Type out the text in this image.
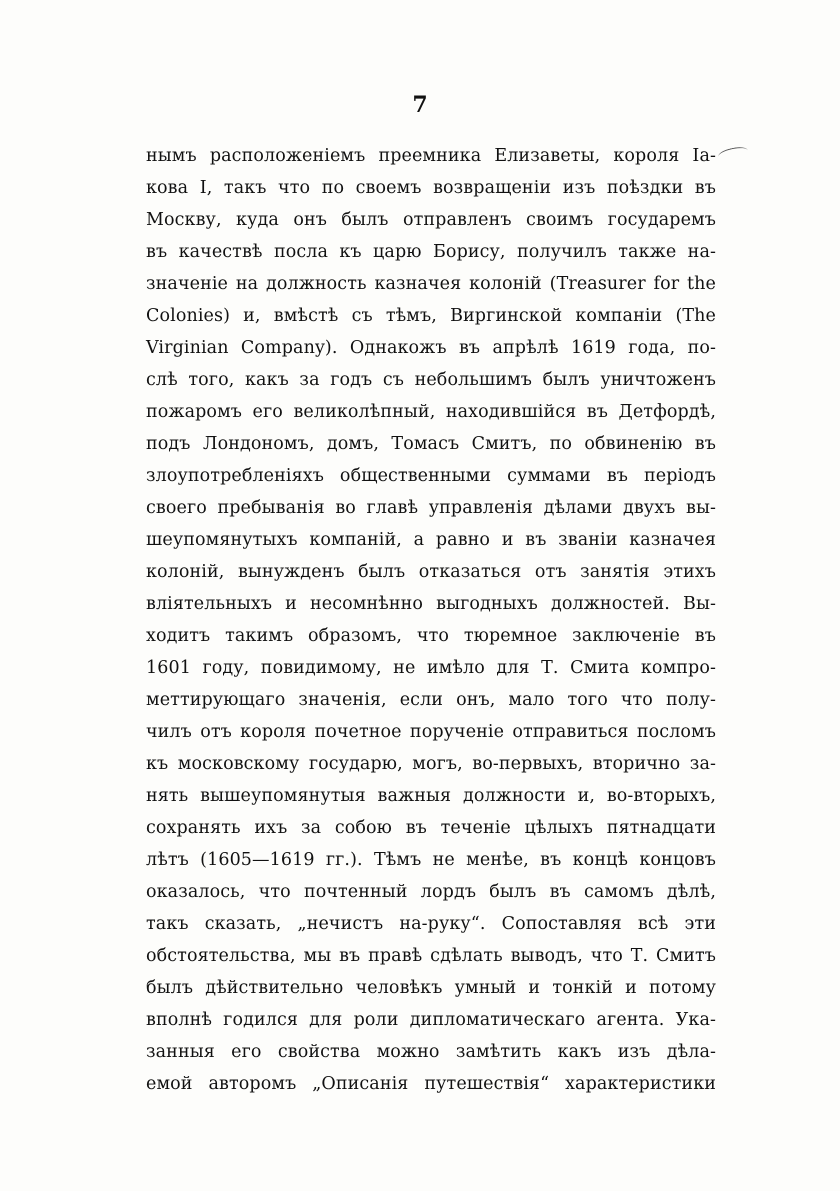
7
нымъ расположеніемъ преемника Елизаветы, короля Іа-
кова I, такъ что по своемъ возвращеніи изъ поѣздки въ
Москву, куда онъ былъ отправленъ своимъ государемъ
въ качествѣ посла къ царю Борису, получилъ также на-
значеніе на должность казначея колоній (Treasurer for the
Colonies) и, вмѣстѣ съ тѣмъ, Виргинской компаніи (The
Virginian Company). Однакожъ въ апрѣлѣ 1619 года, по-
слѣ того, какъ за годъ съ небольшимъ былъ уничтоженъ
пожаромъ его великолѣпный, находившійся въ Детфордѣ,
подъ Лондономъ, домъ, Томасъ Смитъ, по обвиненію въ
злоупотребленіяхъ общественными суммами въ періодъ
своего пребыванія во главѣ управленія дѣлами двухъ вы-
шеупомянутыхъ компаній, а равно и въ званіи казначея
колоній, вынужденъ былъ отказаться отъ занятія этихъ
вліятельныхъ и несомнѣнно выгодныхъ должностей. Вы-
ходитъ такимъ образомъ, что тюремное заключеніе въ
1601 году, повидимому, не имѣло для Т. Смита компро-
меттирующаго значенія, если онъ, мало того что полу-
чилъ отъ короля почетное порученіе отправиться посломъ
къ московскому государю, могъ, во-первыхъ, вторично за-
нять вышеупомянутыя важныя должности и, во-вторыхъ,
сохранять ихъ за собою въ теченіе цѣлыхъ пятнадцати
лѣтъ (1605—1619 гг.). Тѣмъ не менѣе, въ концѣ концовъ
оказалось, что почтенный лордъ былъ въ самомъ дѣлѣ,
такъ сказать, „нечистъ на-руку“. Сопоставляя всѣ эти
обстоятельства, мы въ правѣ сдѣлать выводъ, что Т. Смитъ
былъ дѣйствительно человѣкъ умный и тонкій и потому
вполнѣ годился для роли дипломатическаго агента. Ука-
занныя его свойства можно замѣтить какъ изъ дѣла-
емой авторомъ „Описанія путешествія“ характеристики
